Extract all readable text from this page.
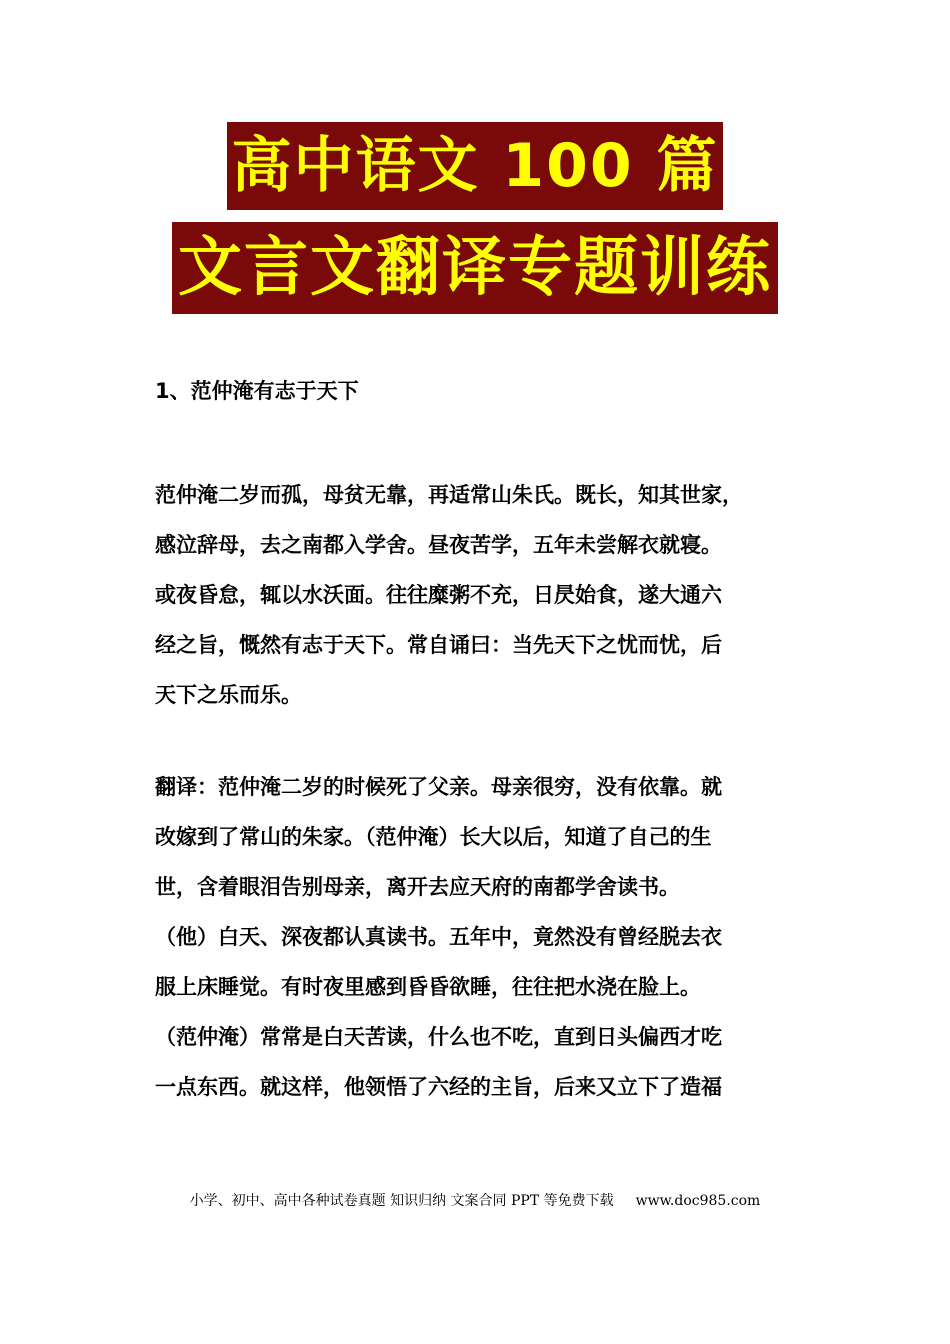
高中语文 100 篇
文言文翻译专题训练
1、范仲淹有志于天下
范仲淹二岁而孤，母贫无靠，再适常山朱氏。既长，知其世家，
感泣辞母，去之南都入学舍。昼夜苦学，五年未尝解衣就寝。
或夜昏怠，辄以水沃面。往往糜粥不充，日昃始食，遂大通六
经之旨，慨然有志于天下。常自诵曰：当先天下之忧而忧，后
天下之乐而乐。
翻译：范仲淹二岁的时候死了父亲。母亲很穷，没有依靠。就
改嫁到了常山的朱家。（范仲淹）长大以后，知道了自己的生
世，含着眼泪告别母亲，离开去应天府的南都学舍读书。
（他）白天、深夜都认真读书。五年中，竟然没有曾经脱去衣
服上床睡觉。有时夜里感到昏昏欲睡，往往把水浇在脸上。
（范仲淹）常常是白天苦读，什么也不吃，直到日头偏西才吃
一点东西。就这样，他领悟了六经的主旨，后来又立下了造福
小学、初中、高中各种试卷真题 知识归纳 文案合同 PPT 等免费下载 www.doc985.com
